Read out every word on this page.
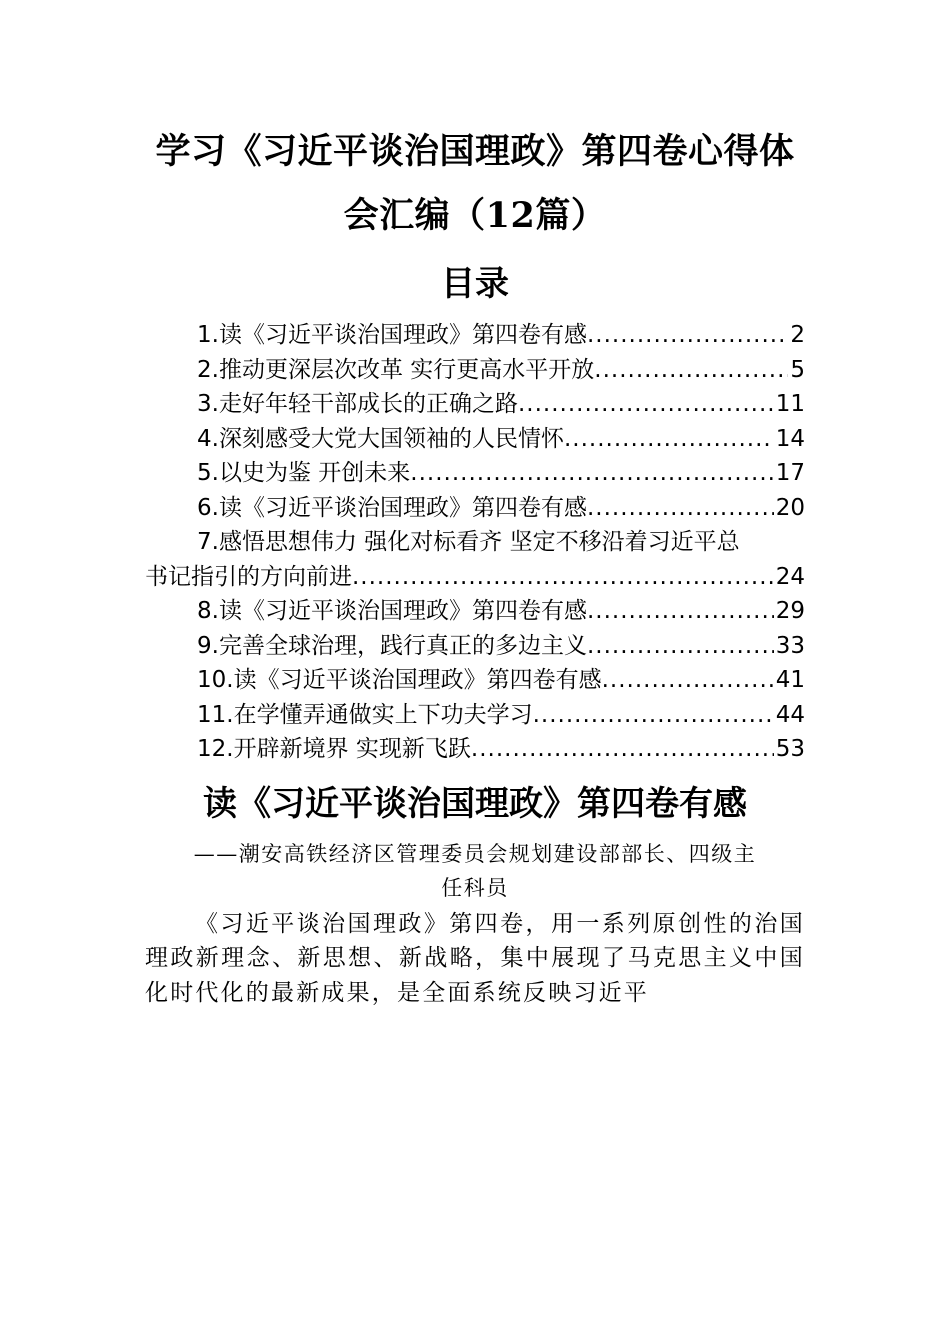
学习《习近平谈治国理政》第四卷心得体
会汇编（12篇）
目录
1.读《习近平谈治国理政》第四卷有感 .....	2
2.推动更深层次改革 实行更高水平开放 .....	5
3.走好年轻干部成长的正确之路 .....	11
4.深刻感受大党大国领袖的人民情怀 .....	14
5.以史为鉴 开创未来 .....	17
6.读《习近平谈治国理政》第四卷有感 .....	20
7.感悟思想伟力 强化对标看齐 坚定不移沿着习近平总
书记指引的方向前进 .....	24
8.读《习近平谈治国理政》第四卷有感 .....	29
9.完善全球治理，践行真正的多边主义 .....	33
10.读《习近平谈治国理政》第四卷有感 .....	41
11.在学懂弄通做实上下功夫学习 .....	44
12.开辟新境界 实现新飞跃 .....	53
读《习近平谈治国理政》第四卷有感
——潮安高铁经济区管理委员会规划建设部部长、四级主
任科员

《习近平谈治国理政》第四卷，用一系列原创性的治国理政新理念、新思想、新战略，集中展现了马克思主义中国化时代化的最新成果，是全面系统反映习近平
